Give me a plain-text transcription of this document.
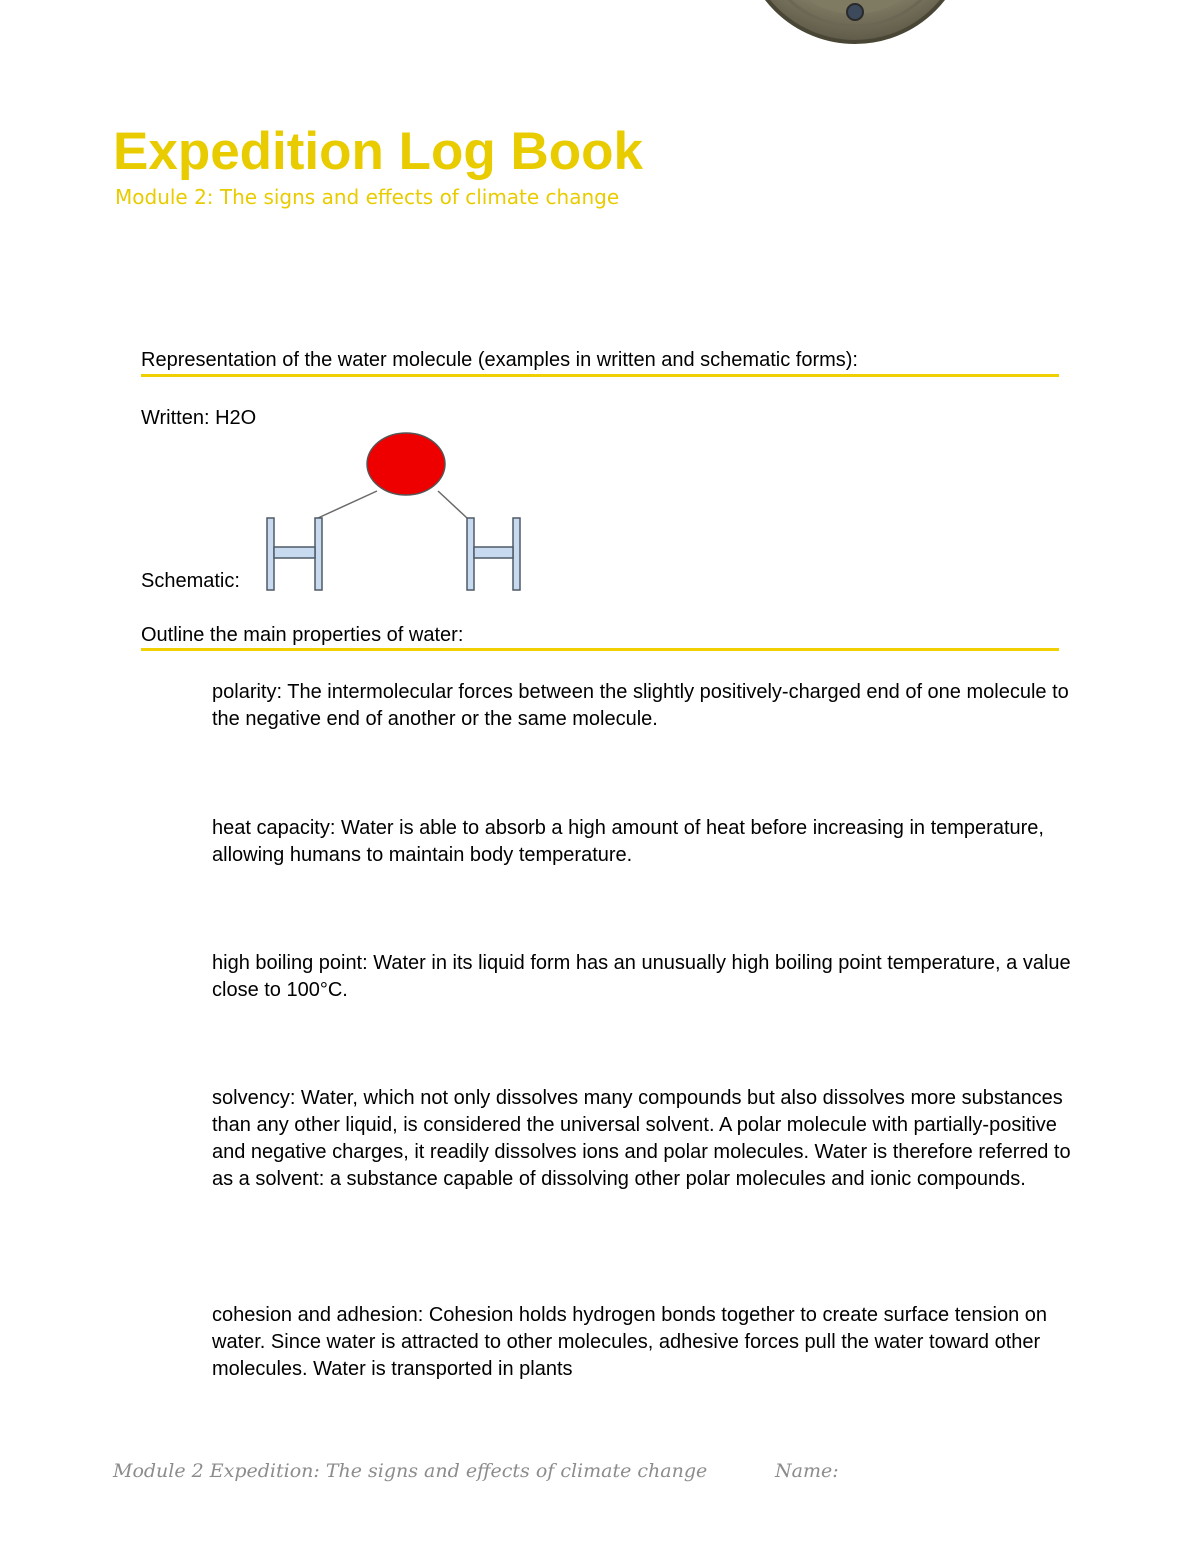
Expedition Log Book
Module 2: The signs and effects of climate change
Representation of the water molecule (examples in written and schematic forms):
Written: H2O
Schematic:
Outline the main properties of water:
polarity: The intermolecular forces between the slightly positively-charged end of one molecule to the negative end of another or the same molecule.
heat capacity: Water is able to absorb a high amount of heat before increasing in temperature, allowing humans to maintain body temperature.
high boiling point: Water in its liquid form has an unusually high boiling point temperature, a value close to 100°C.
solvency: Water, which not only dissolves many compounds but also dissolves more substances than any other liquid, is considered the universal solvent. A polar molecule with partially-positive and negative charges, it readily dissolves ions and polar molecules. Water is therefore referred to as a solvent: a substance capable of dissolving other polar molecules and ionic compounds.
cohesion and adhesion: Cohesion holds hydrogen bonds together to create surface tension on water. Since water is attracted to other molecules, adhesive forces pull the water toward other molecules. Water is transported in plants
Module 2 Expedition: The signs and effects of climate change	Name:
